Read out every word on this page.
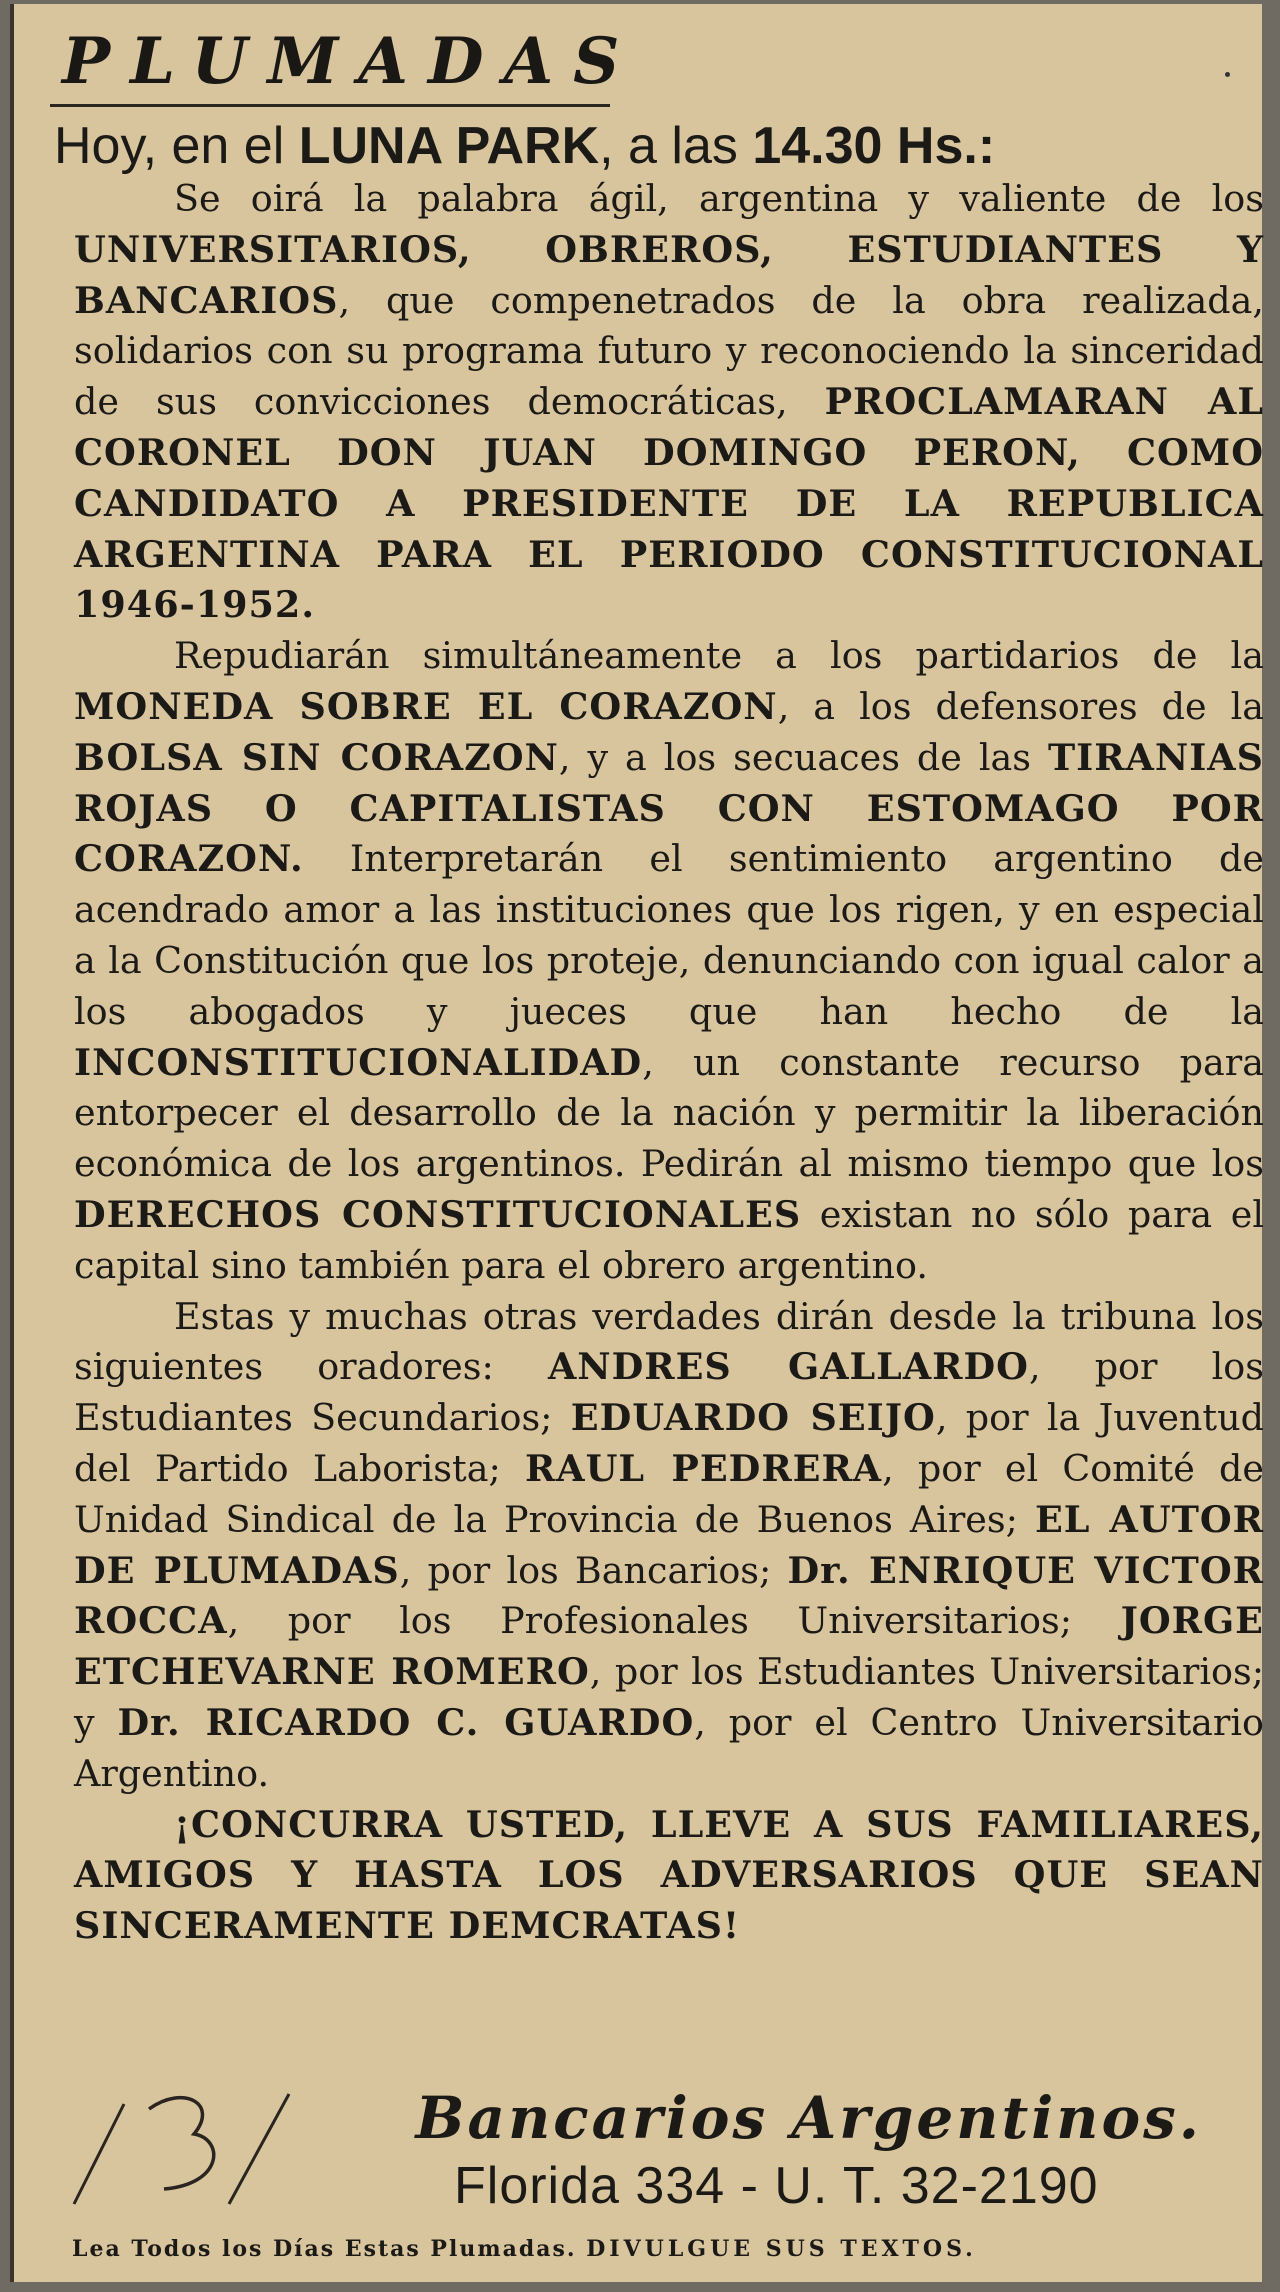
PLUMADAS
Hoy, en el LUNA PARK, a las 14.30 Hs.:

Se oirá la palabra ágil, argentina y valiente de los UNIVERSITARIOS, OBREROS, ESTUDIANTES Y BANCARIOS, que compenetrados de la obra realizada, solidarios con su programa futuro y reconociendo la sinceridad de sus convicciones democráticas, PROCLAMARAN AL CORONEL DON JUAN DOMINGO PERON, COMO CANDIDATO A PRESIDENTE DE LA REPUBLICA ARGENTINA PARA EL PERIODO CONSTITUCIONAL 1946-1952.

Repudiarán simultáneamente a los partidarios de la MONEDA SOBRE EL CORAZON, a los defensores de la BOLSA SIN CORAZON, y a los secuaces de las TIRANIAS ROJAS O CAPITALISTAS CON ESTOMAGO POR CORAZON. Interpretarán el sentimiento argentino de acendrado amor a las instituciones que los rigen, y en especial a la Constitución que los proteje, denunciando con igual calor a los abogados y jueces que han hecho de la INCONSTITUCIONALIDAD, un constante recurso para entorpecer el desarrollo de la nación y permitir la liberación económica de los argentinos. Pedirán al mismo tiempo que los DERECHOS CONSTITUCIONALES existan no sólo para el capital sino también para el obrero argentino.

Estas y muchas otras verdades dirán desde la tribuna los siguientes oradores: ANDRES GALLARDO, por los Estudiantes Secundarios; EDUARDO SEIJO, por la Juventud del Partido Laborista; RAUL PEDRERA, por el Comité de Unidad Sindical de la Provincia de Buenos Aires; EL AUTOR DE PLUMADAS, por los Bancarios; Dr. ENRIQUE VICTOR ROCCA, por los Profesionales Universitarios; JORGE ETCHEVARNE ROMERO, por los Estudiantes Universitarios; y Dr. RICARDO C. GUARDO, por el Centro Universitario Argentino.

¡CONCURRA USTED, LLEVE A SUS FAMILIARES, AMIGOS Y HASTA LOS ADVERSARIOS QUE SEAN SINCERAMENTE DEMCRATAS!

Bancarios Argentinos.
Florida 334 - U. T. 32-2190
Lea Todos los Días Estas Plumadas. DIVULGUE SUS TEXTOS.
